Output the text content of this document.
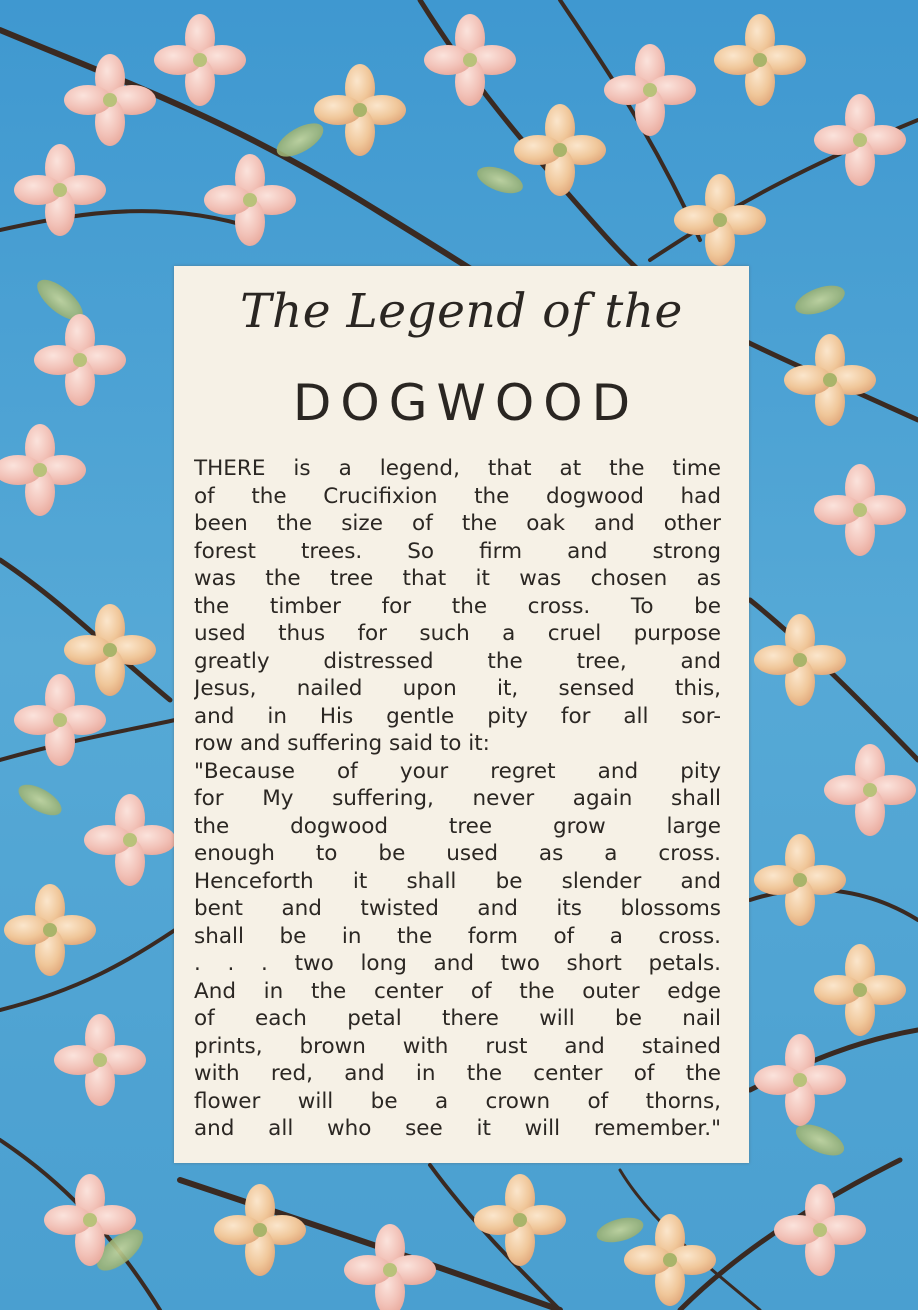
The Legend of the
DOGWOOD
THERE is a legend, that at the time
of the Crucifixion the dogwood had
been the size of the oak and other
forest trees. So firm and strong
was the tree that it was chosen as
the timber for the cross. To be
used thus for such a cruel purpose
greatly distressed the tree, and
Jesus, nailed upon it, sensed this,
and in His gentle pity for all sor-
row and suffering said to it:
"Because of your regret and pity
for My suffering, never again shall
the dogwood tree grow large
enough to be used as a cross.
Henceforth it shall be slender and
bent and twisted and its blossoms
shall be in the form of a cross.
. . . two long and two short petals.
And in the center of the outer edge
of each petal there will be nail
prints, brown with rust and stained
with red, and in the center of the
flower will be a crown of thorns,
and all who see it will remember."
